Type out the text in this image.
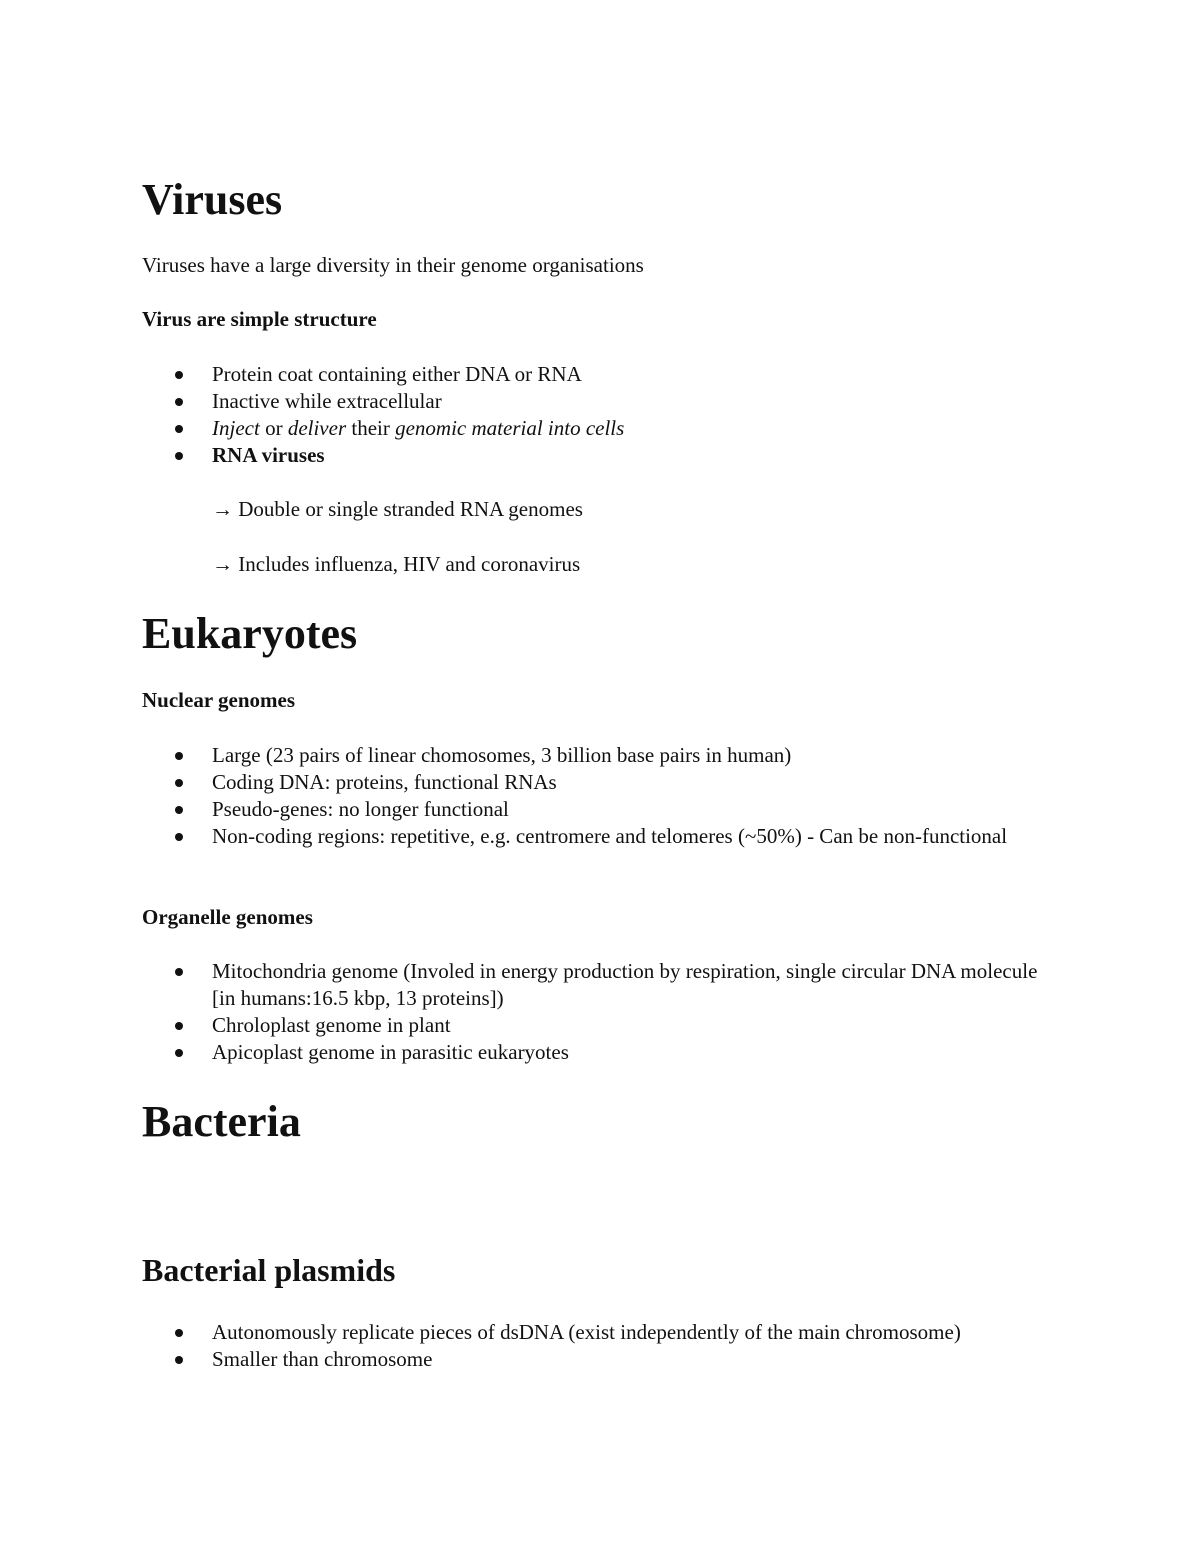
Viruses

Viruses have a large diversity in their genome organisations

Virus are simple structure

Protein coat containing either DNA or RNA
Inactive while extracellular
Inject or deliver their genomic material into cells
RNA viruses

→ Double or single stranded RNA genomes

→ Includes influenza, HIV and coronavirus

Eukaryotes

Nuclear genomes

Large (23 pairs of linear chomosomes, 3 billion base pairs in human)
Coding DNA: proteins, functional RNAs
Pseudo-genes: no longer functional
Non-coding regions: repetitive, e.g. centromere and telomeres (~50%) - Can be non-functional

Organelle genomes

Mitochondria genome (Involed in energy production by respiration, single circular DNA molecule [in humans:16.5 kbp, 13 proteins])
Chroloplast genome in plant
Apicoplast genome in parasitic eukaryotes
Bacteria
Bacterial plasmids
Autonomously replicate pieces of dsDNA (exist independently of the main chromosome)
Smaller than chromosome
